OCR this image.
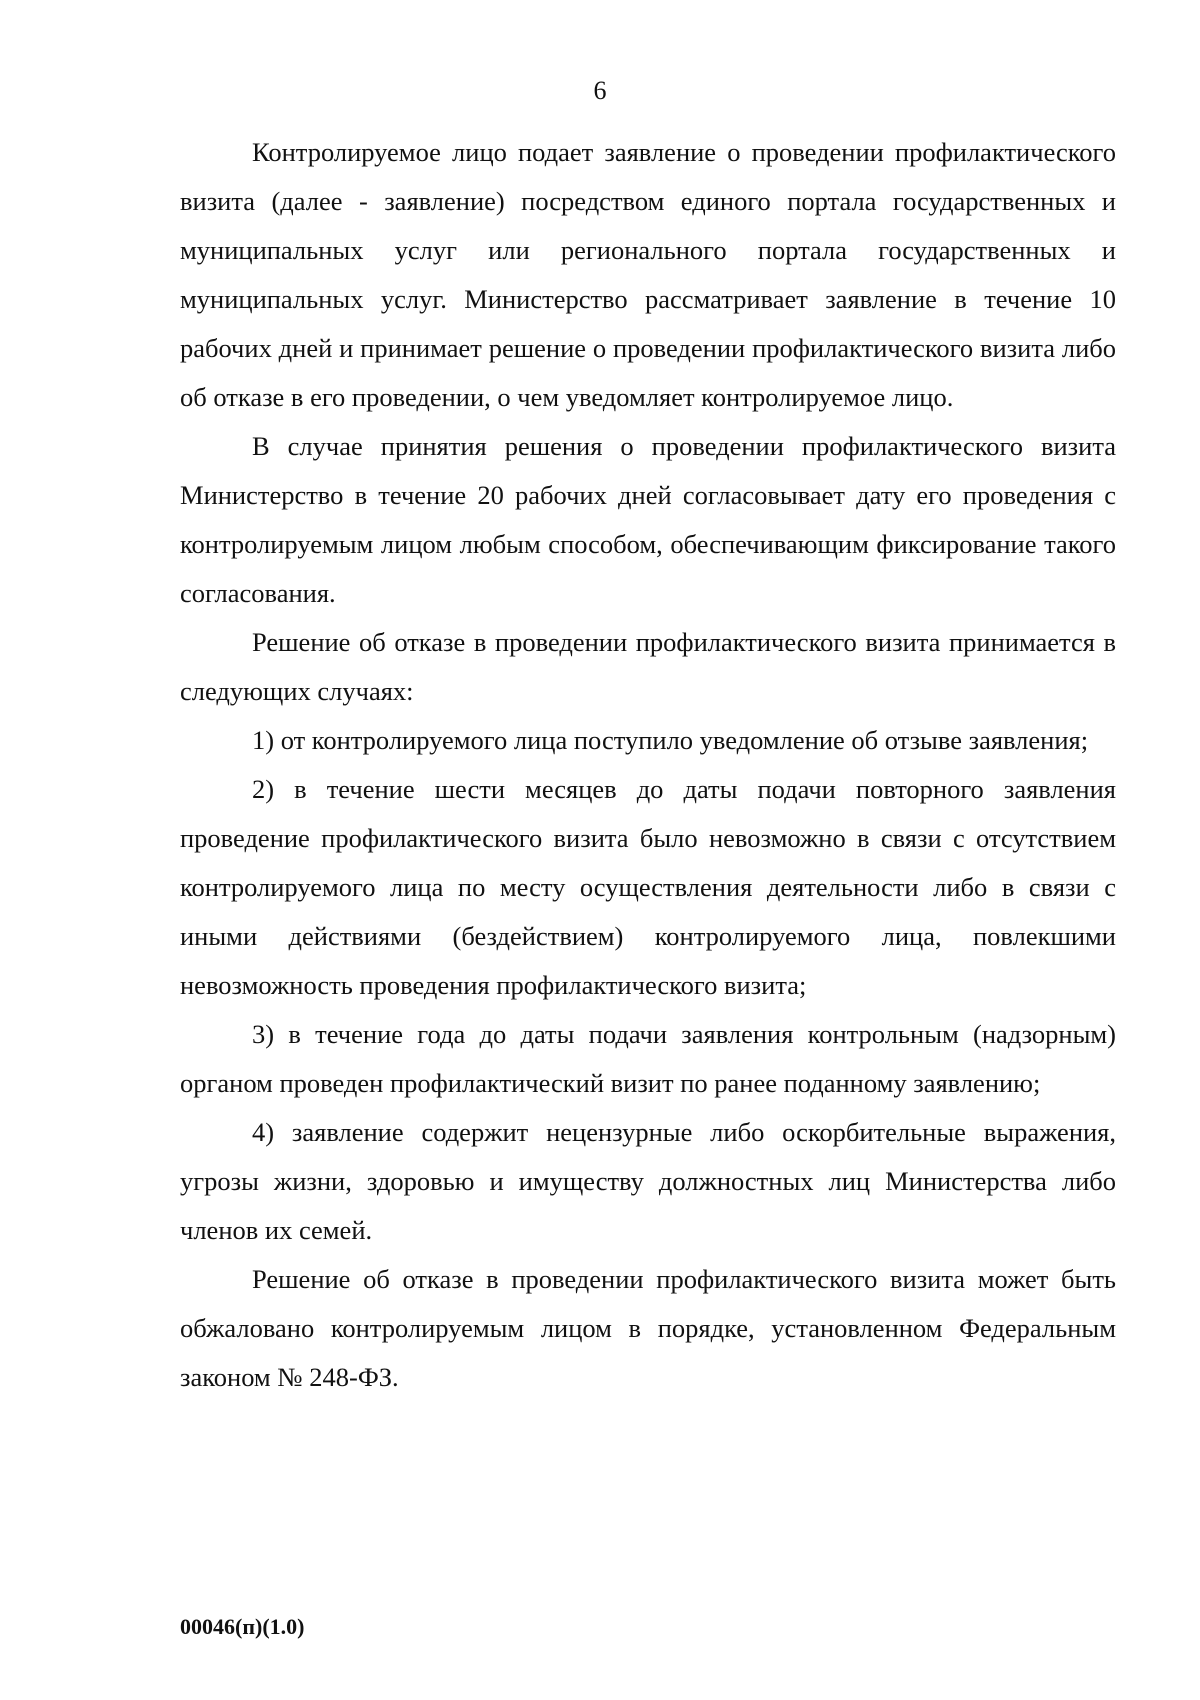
6

Контролируемое лицо подает заявление о проведении профилактического визита (далее - заявление) посредством единого портала государственных и муниципальных услуг или регионального портала государственных и муниципальных услуг. Министерство рассматривает заявление в течение 10 рабочих дней и принимает решение о проведении профилактического визита либо об отказе в его проведении, о чем уведомляет контролируемое лицо.

В случае принятия решения о проведении профилактического визита Министерство в течение 20 рабочих дней согласовывает дату его проведения с контролируемым лицом любым способом, обеспечивающим фиксирование такого согласования.

Решение об отказе в проведении профилактического визита принимается в следующих случаях:

1) от контролируемого лица поступило уведомление об отзыве заявления;

2) в течение шести месяцев до даты подачи повторного заявления проведение профилактического визита было невозможно в связи с отсутствием контролируемого лица по месту осуществления деятельности либо в связи с иными действиями (бездействием) контролируемого лица, повлекшими невозможность проведения профилактического визита;

3) в течение года до даты подачи заявления контрольным (надзорным) органом проведен профилактический визит по ранее поданному заявлению;

4) заявление содержит нецензурные либо оскорбительные выражения, угрозы жизни, здоровью и имуществу должностных лиц Министерства либо членов их семей.

Решение об отказе в проведении профилактического визита может быть обжаловано контролируемым лицом в порядке, установленном Федеральным законом № 248-ФЗ.

00046(п)(1.0)
